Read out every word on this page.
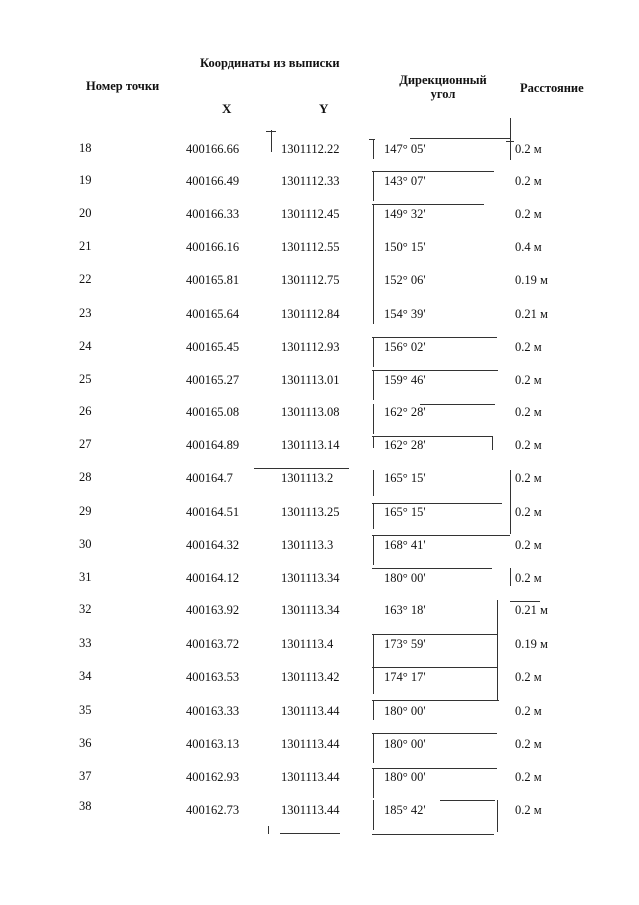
Координаты из выписки
Номер точки
X	Y
Дирекционный угол	Расстояние
18	400166.66	1301112.22	147° 05'	0.2 м
19	400166.49	1301112.33	143° 07'	0.2 м
20	400166.33	1301112.45	149° 32'	0.2 м
21	400166.16	1301112.55	150° 15'	0.4 м
22	400165.81	1301112.75	152° 06'	0.19 м
23	400165.64	1301112.84	154° 39'	0.21 м
24	400165.45	1301112.93	156° 02'	0.2 м
25	400165.27	1301113.01	159° 46'	0.2 м
26	400165.08	1301113.08	162° 28'	0.2 м
27	400164.89	1301113.14	162° 28'	0.2 м
28	400164.7	1301113.2	165° 15'	0.2 м
29	400164.51	1301113.25	165° 15'	0.2 м
30	400164.32	1301113.3	168° 41'	0.2 м
31	400164.12	1301113.34	180° 00'	0.2 м
32	400163.92	1301113.34	163° 18'	0.21 м
33	400163.72	1301113.4	173° 59'	0.19 м
34	400163.53	1301113.42	174° 17'	0.2 м
35	400163.33	1301113.44	180° 00'	0.2 м
36	400163.13	1301113.44	180° 00'	0.2 м
37	400162.93	1301113.44	180° 00'	0.2 м
38	400162.73	1301113.44	185° 42'	0.2 м
